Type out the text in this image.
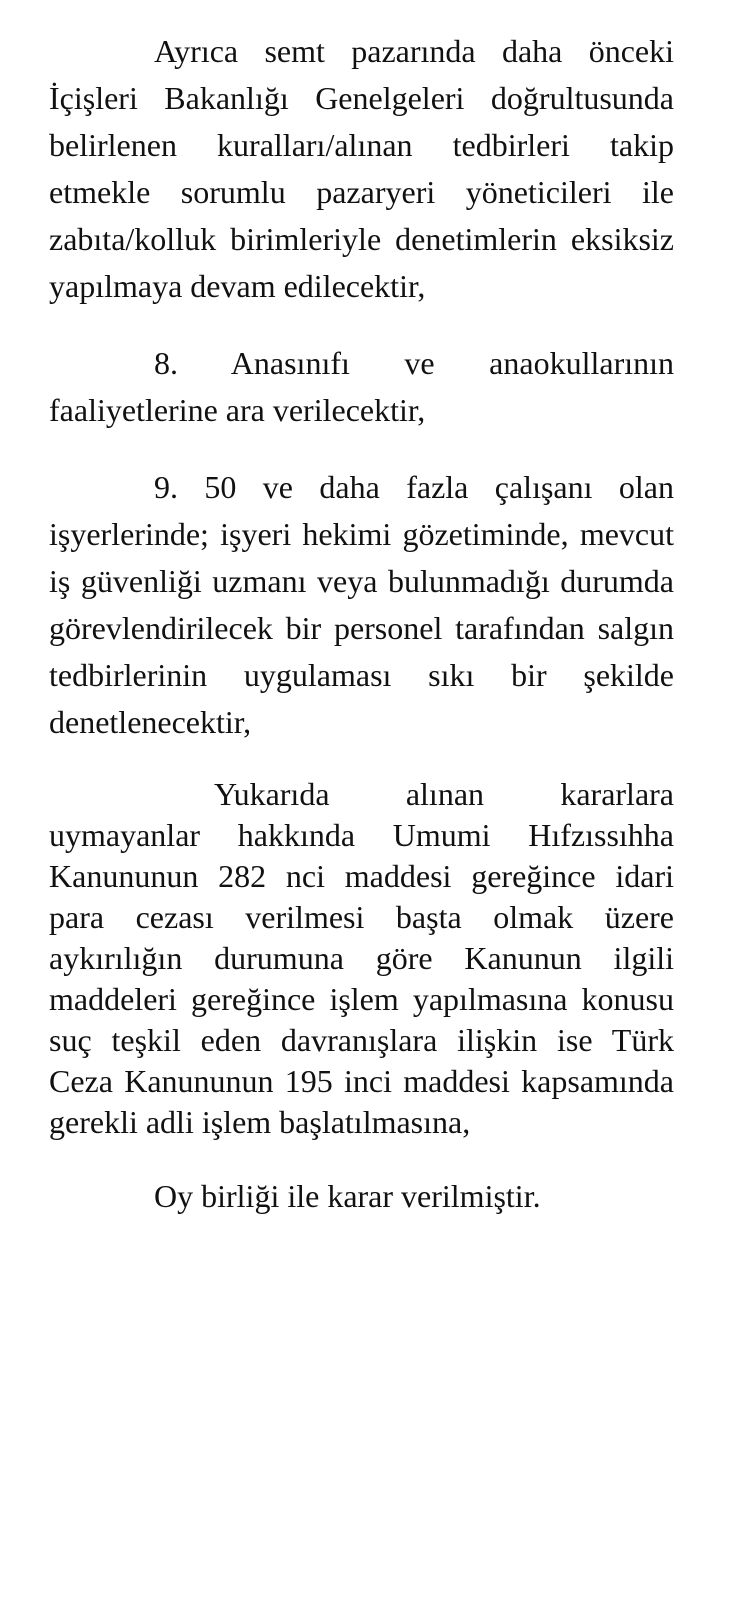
Ayrıca semt pazarında daha önceki İçişleri Bakanlığı Genelgeleri doğrultusunda belirlenen kuralları/alınan tedbirleri takip etmekle sorumlu pazaryeri yöneticileri ile zabıta/kolluk birimleriyle denetimlerin eksiksiz yapılmaya devam edilecektir,

8. Anasınıfı ve anaokullarının faaliyetlerine ara verilecektir,

9. 50 ve daha fazla çalışanı olan işyerlerinde; işyeri hekimi gözetiminde, mevcut iş güvenliği uzmanı veya bulunmadığı durumda görevlendirilecek bir personel tarafından salgın tedbirlerinin uygulaması sıkı bir şekilde denetlenecektir,

Yukarıda alınan kararlara uymayanlar hakkında Umumi Hıfzıssıhha Kanununun 282 nci maddesi gereğince idari para cezası verilmesi başta olmak üzere aykırılığın durumuna göre Kanunun ilgili maddeleri gereğince işlem yapılmasına konusu suç teşkil eden davranışlara ilişkin ise Türk Ceza Kanununun 195 inci maddesi kapsamında gerekli adli işlem başlatılmasına,

Oy birliği ile karar verilmiştir.
